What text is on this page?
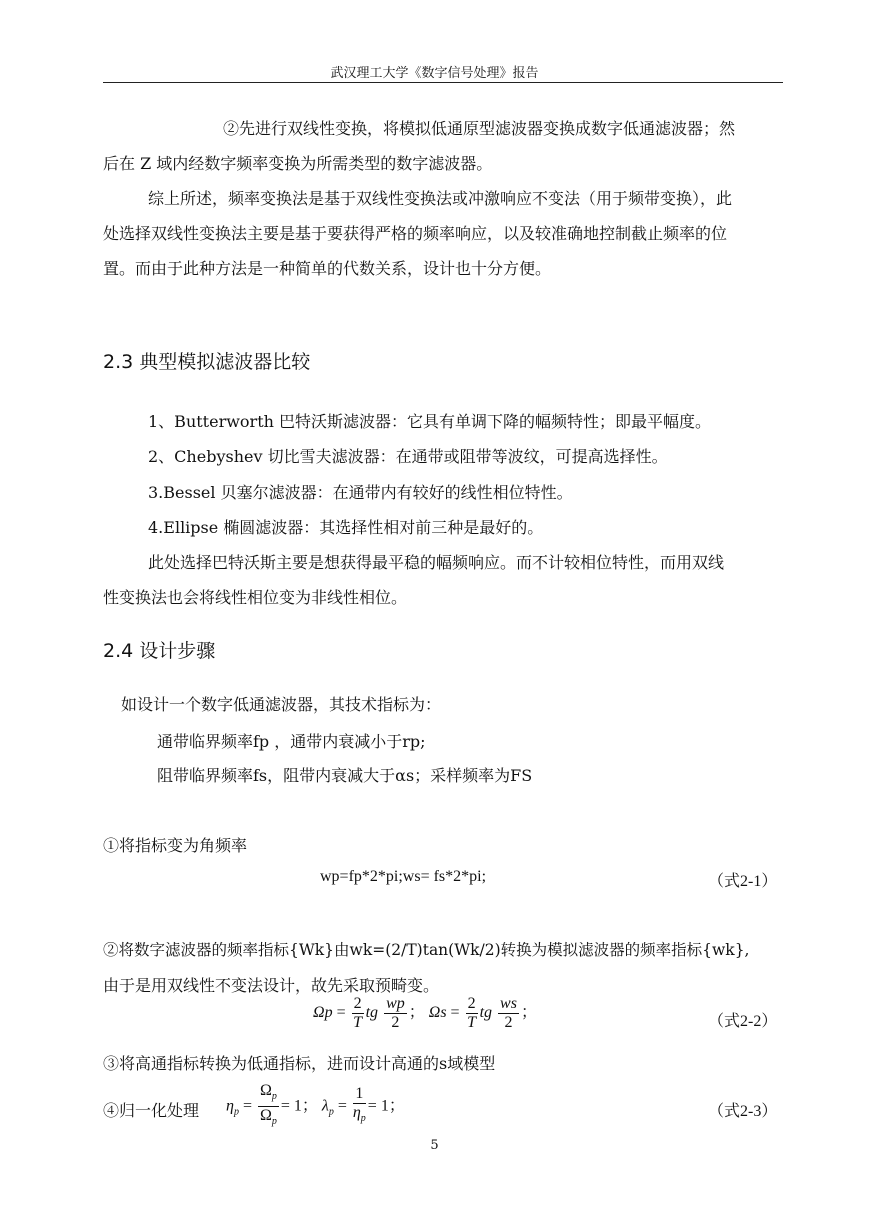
武汉理工大学《数字信号处理》报告
②先进行双线性变换，将模拟低通原型滤波器变换成数字低通滤波器；然
后在 Z 域内经数字频率变换为所需类型的数字滤波器。
综上所述，频率变换法是基于双线性变换法或冲激响应不变法（用于频带变换），此
处选择双线性变换法主要是基于要获得严格的频率响应，以及较准确地控制截止频率的位
置。而由于此种方法是一种简单的代数关系，设计也十分方便。
2.3 典型模拟滤波器比较
1、Butterworth 巴特沃斯滤波器：它具有单调下降的幅频特性；即最平幅度。
2、Chebyshev 切比雪夫滤波器：在通带或阻带等波纹，可提高选择性。
3.Bessel 贝塞尔滤波器：在通带内有较好的线性相位特性。
4.Ellipse 椭圆滤波器：其选择性相对前三种是最好的。
此处选择巴特沃斯主要是想获得最平稳的幅频响应。而不计较相位特性，而用双线
性变换法也会将线性相位变为非线性相位。
2.4 设计步骤
如设计一个数字低通滤波器，其技术指标为：
通带临界频率fp ，通带内衰减小于rp;
阻带临界频率fs，阻带内衰减大于αs；采样频率为FS
①将指标变为角频率
wp=fp*2*pi;ws= fs*2*pi;	（式2-1）
②将数字滤波器的频率指标{Wk}由wk=(2/T)tan(Wk/2)转换为模拟滤波器的频率指标{wk},
由于是用双线性不变法设计，故先采取预畸变。
$\Omega p = \frac{2}{T}$ tg $\frac{wp}{2}$ ； $\Omega s = \frac{2}{T}$ tg $\frac{ws}{2}$ ；
（式2-2）
③将高通指标转换为低通指标，进而设计高通的s域模型
④归一化处理 $\eta_p = \frac{\Omega_p}{\Omega_p} = 1$； $\lambda_p = \frac{1}{\eta_p} = 1$；	（式2-3）
5
